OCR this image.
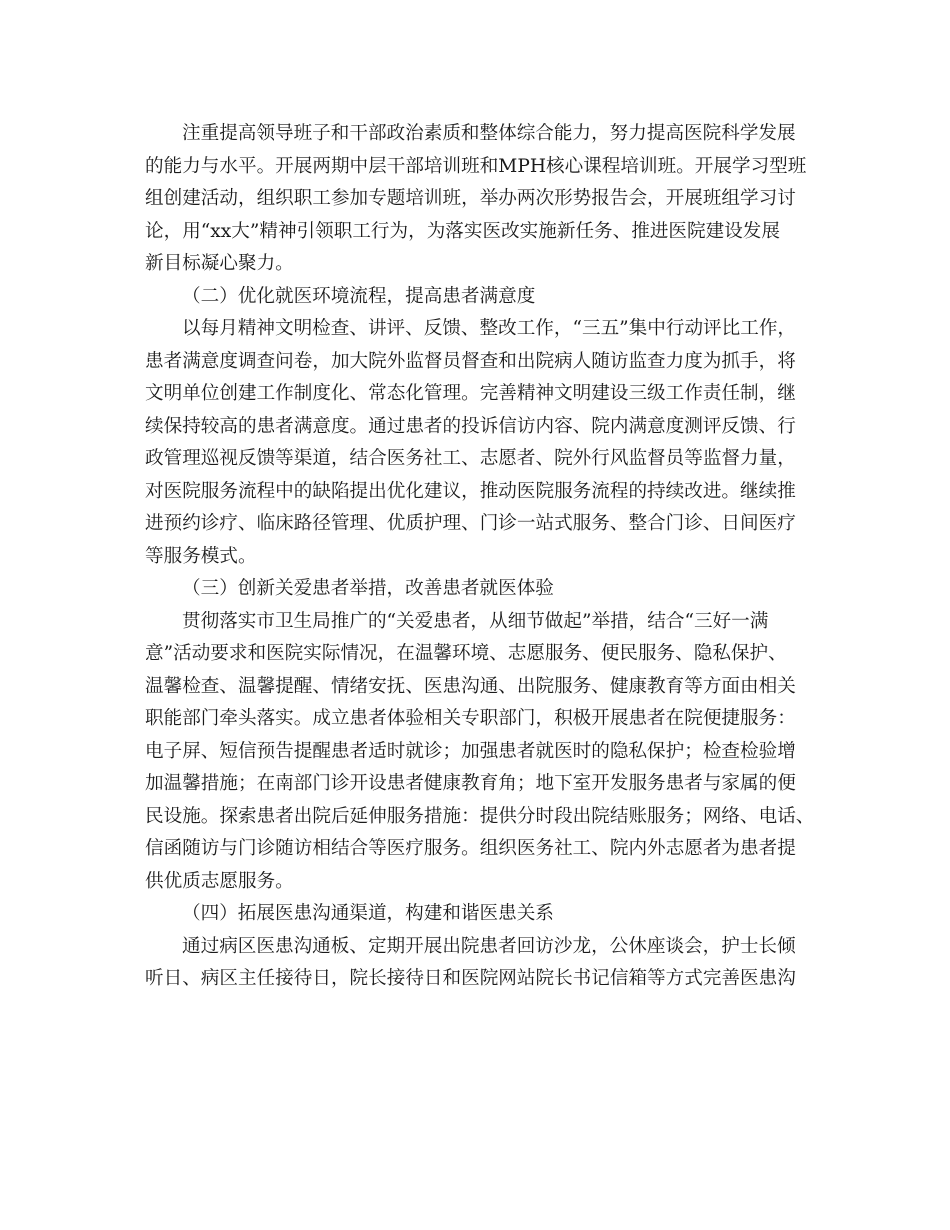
注重提高领导班子和干部政治素质和整体综合能力，努力提高医院科学发展
的能力与水平。开展两期中层干部培训班和MPH核心课程培训班。开展学习型班
组创建活动，组织职工参加专题培训班，举办两次形势报告会，开展班组学习讨
论，用“xx大”精神引领职工行为，为落实医改实施新任务、推进医院建设发展
新目标凝心聚力。
（二）优化就医环境流程，提高患者满意度
以每月精神文明检查、讲评、反馈、整改工作，“三五”集中行动评比工作，
患者满意度调查问卷，加大院外监督员督查和出院病人随访监查力度为抓手，将
文明单位创建工作制度化、常态化管理。完善精神文明建设三级工作责任制，继
续保持较高的患者满意度。通过患者的投诉信访内容、院内满意度测评反馈、行
政管理巡视反馈等渠道，结合医务社工、志愿者、院外行风监督员等监督力量，
对医院服务流程中的缺陷提出优化建议，推动医院服务流程的持续改进。继续推
进预约诊疗、临床路径管理、优质护理、门诊一站式服务、整合门诊、日间医疗
等服务模式。
（三）创新关爱患者举措，改善患者就医体验
贯彻落实市卫生局推广的“关爱患者，从细节做起”举措，结合“三好一满
意”活动要求和医院实际情况，在温馨环境、志愿服务、便民服务、隐私保护、
温馨检查、温馨提醒、情绪安抚、医患沟通、出院服务、健康教育等方面由相关
职能部门牵头落实。成立患者体验相关专职部门，积极开展患者在院便捷服务：
电子屏、短信预告提醒患者适时就诊；加强患者就医时的隐私保护；检查检验增
加温馨措施；在南部门诊开设患者健康教育角；地下室开发服务患者与家属的便
民设施。探索患者出院后延伸服务措施：提供分时段出院结账服务；网络、电话、
信函随访与门诊随访相结合等医疗服务。组织医务社工、院内外志愿者为患者提
供优质志愿服务。
（四）拓展医患沟通渠道，构建和谐医患关系
通过病区医患沟通板、定期开展出院患者回访沙龙，公休座谈会，护士长倾
听日、病区主任接待日，院长接待日和医院网站院长书记信箱等方式完善医患沟
